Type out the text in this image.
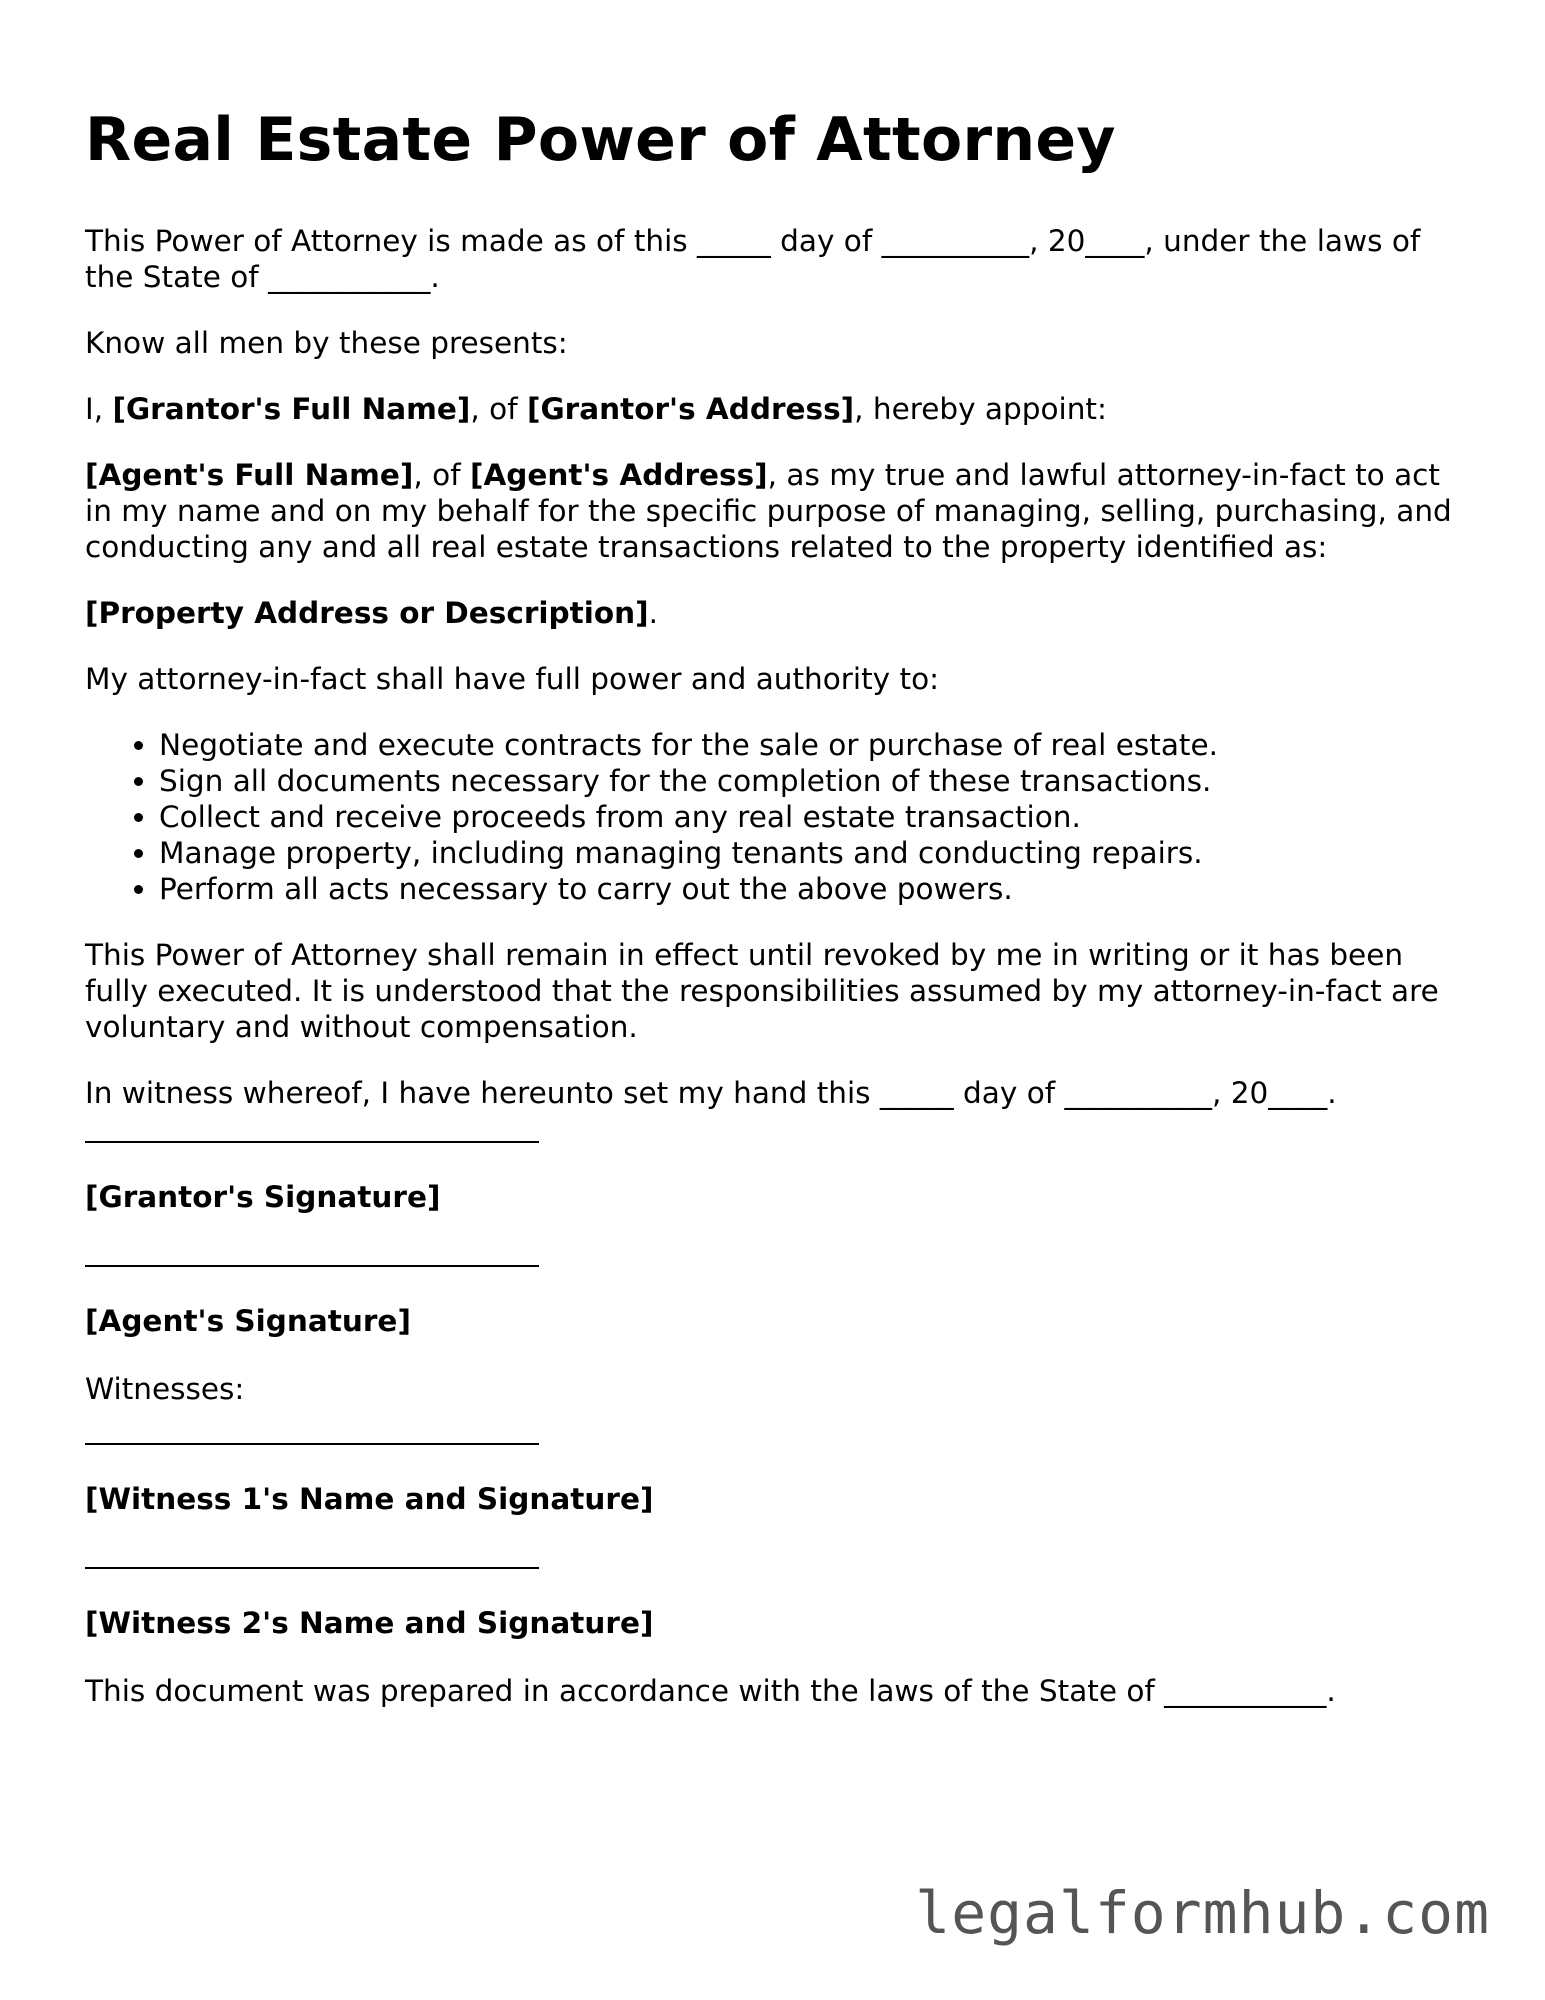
Real Estate Power of Attorney

This Power of Attorney is made as of this _____ day of __________, 20____, under the laws of the State of ___________.

Know all men by these presents:

I, [Grantor's Full Name], of [Grantor's Address], hereby appoint:

[Agent's Full Name], of [Agent's Address], as my true and lawful attorney-in-fact to act in my name and on my behalf for the specific purpose of managing, selling, purchasing, and conducting any and all real estate transactions related to the property identified as:

[Property Address or Description].

My attorney-in-fact shall have full power and authority to:

• Negotiate and execute contracts for the sale or purchase of real estate.
• Sign all documents necessary for the completion of these transactions.
• Collect and receive proceeds from any real estate transaction.
• Manage property, including managing tenants and conducting repairs.
• Perform all acts necessary to carry out the above powers.

This Power of Attorney shall remain in effect until revoked by me in writing or it has been fully executed. It is understood that the responsibilities assumed by my attorney-in-fact are voluntary and without compensation.

In witness whereof, I have hereunto set my hand this _____ day of __________, 20____.

[Grantor's Signature]
[Agent's Signature]

Witnesses:

[Witness 1's Name and Signature]
[Witness 2's Name and Signature]

This document was prepared in accordance with the laws of the State of ___________.

legalformhub.com
